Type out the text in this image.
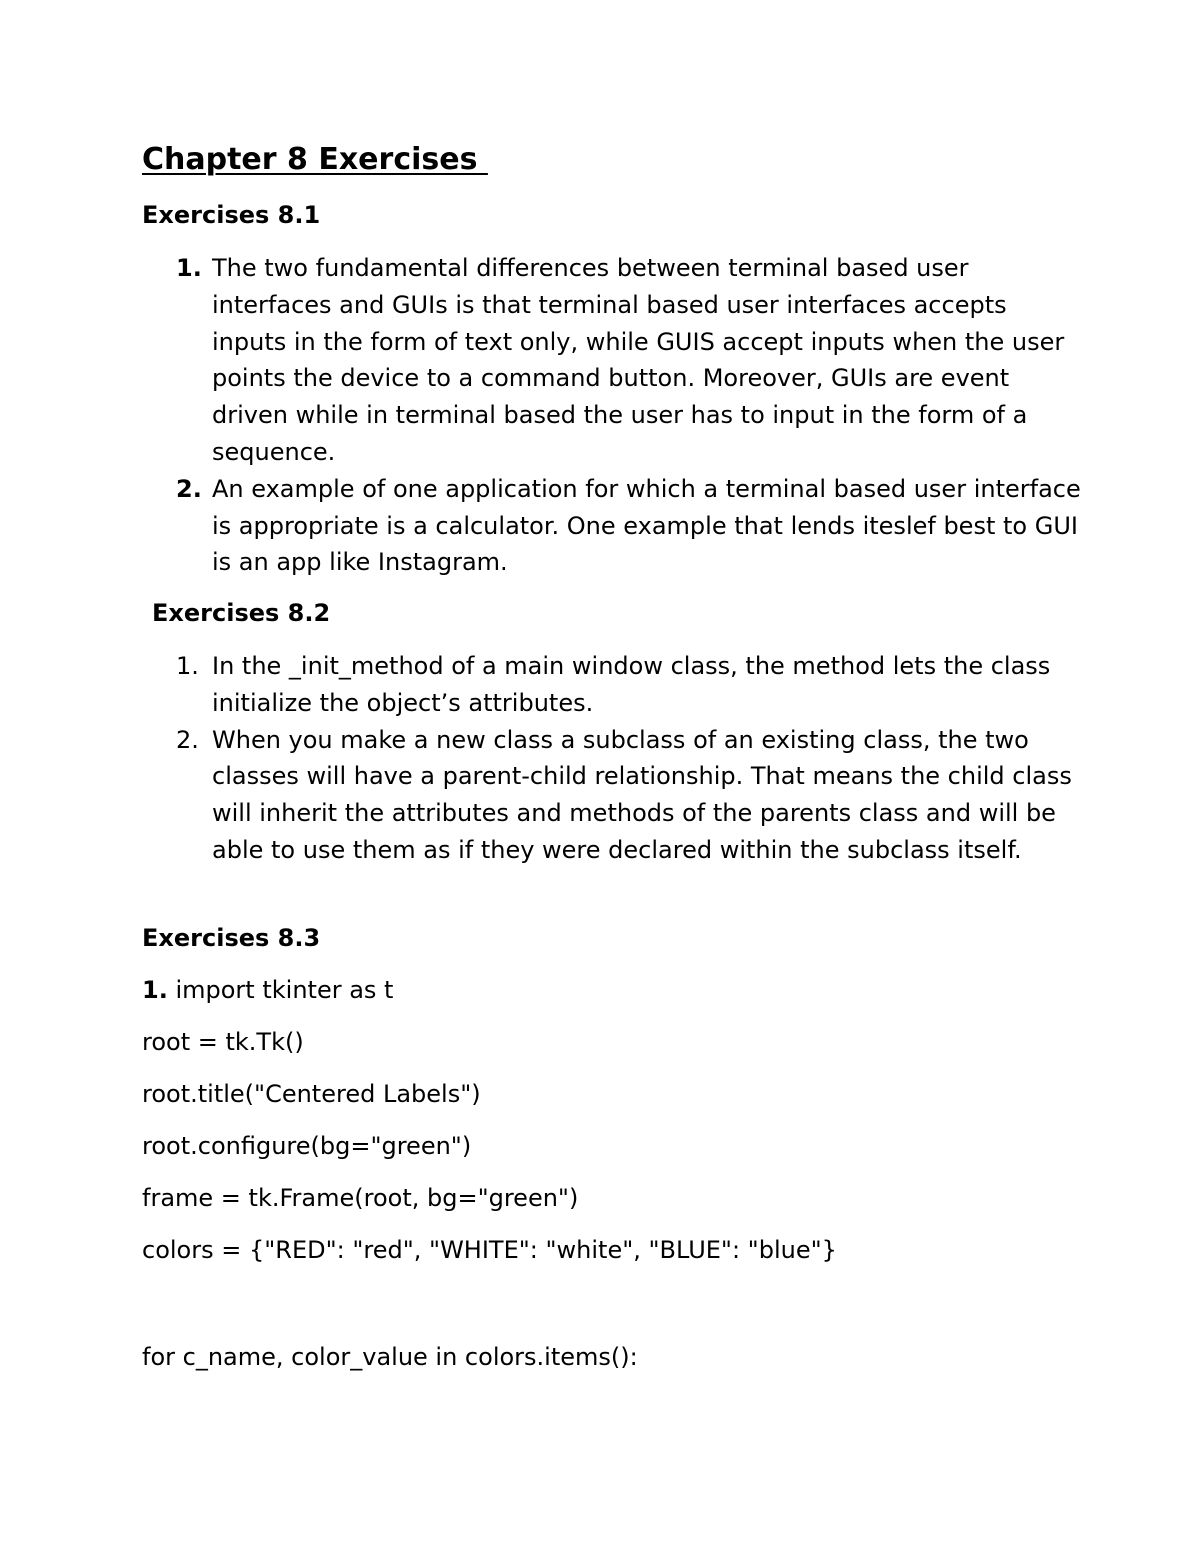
Chapter 8 Exercises
Exercises 8.1
1. The two fundamental differences between terminal based user interfaces and GUIs is that terminal based user interfaces accepts inputs in the form of text only, while GUIS accept inputs when the user points the device to a command button. Moreover, GUIs are event driven while in terminal based the user has to input in the form of a sequence.
2. An example of one application for which a terminal based user interface is appropriate is a calculator. One example that lends iteslef best to GUI is an app like Instagram.
Exercises 8.2
1. In the _init_method of a main window class, the method lets the class initialize the object’s attributes.
2. When you make a new class a subclass of an existing class, the two classes will have a parent-child relationship. That means the child class will inherit the attributes and methods of the parents class and will be able to use them as if they were declared within the subclass itself.
Exercises 8.3
1. import tkinter as t
root = tk.Tk()
root.title("Centered Labels")
root.configure(bg="green")
frame = tk.Frame(root, bg="green")
colors = {"RED": "red", "WHITE": "white", "BLUE": "blue"}
for c_name, color_value in colors.items():
